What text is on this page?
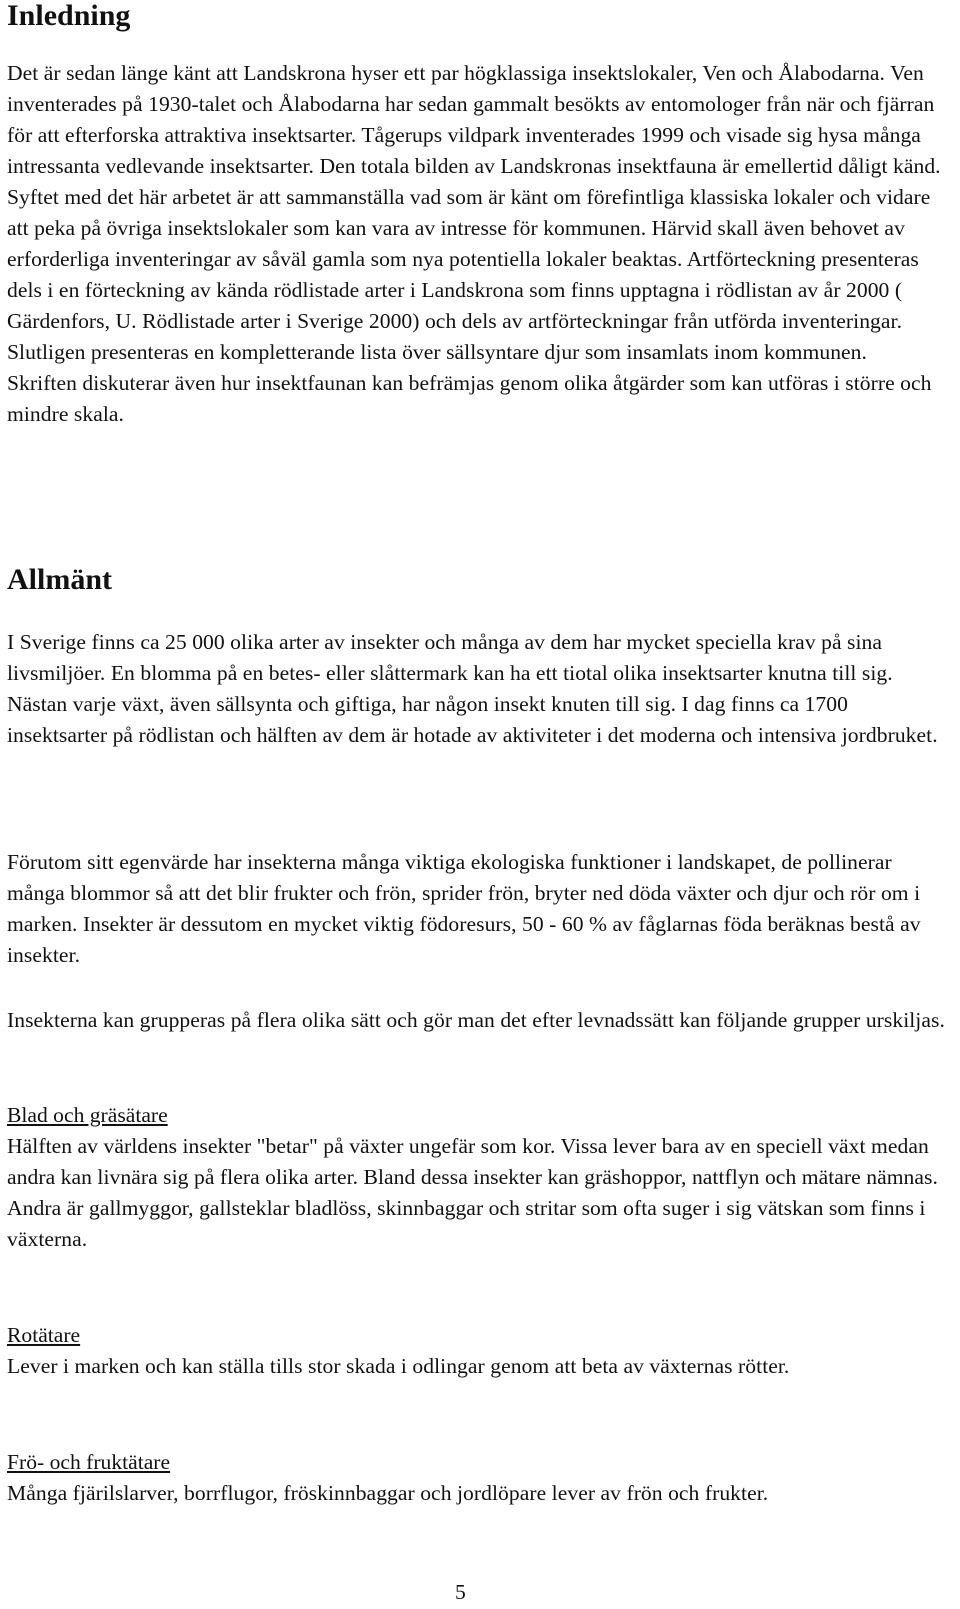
Inledning

Det är sedan länge känt att Landskrona hyser ett par högklassiga insektslokaler, Ven och Ålabodarna. Ven inventerades på 1930-talet och Ålabodarna har sedan gammalt besökts av entomologer från när och fjärran för att efterforska attraktiva insektsarter. Tågerups vildpark inventerades 1999 och visade sig hysa många intressanta vedlevande insektsarter. Den totala bilden av Landskronas insektfauna är emellertid dåligt känd. Syftet med det här arbetet är att sammanställa vad som är känt om förefintliga klassiska lokaler och vidare att peka på övriga insektslokaler som kan vara av intresse för kommunen. Härvid skall även behovet av erforderliga inventeringar av såväl gamla som nya potentiella lokaler beaktas. Artförteckning presenteras dels i en förteckning av kända rödlistade arter i Landskrona som finns upptagna i rödlistan av år 2000 ( Gärdenfors, U. Rödlistade arter i Sverige 2000) och dels av artförteckningar från utförda inventeringar. Slutligen presenteras en kompletterande lista över sällsyntare djur som insamlats inom kommunen.

Skriften diskuterar även hur insektfaunan kan befrämjas genom olika åtgärder som kan utföras i större och mindre skala.

Allmänt

I Sverige finns ca 25 000 olika arter av insekter och många av dem har mycket speciella krav på sina livsmiljöer. En blomma på en betes- eller slåttermark kan ha ett tiotal olika insektsarter knutna till sig. Nästan varje växt, även sällsynta och giftiga, har någon insekt knuten till sig. I dag finns ca 1700 insektsarter på rödlistan och hälften av dem är hotade av aktiviteter i det moderna och intensiva jordbruket.

Förutom sitt egenvärde har insekterna många viktiga ekologiska funktioner i landskapet, de pollinerar många blommor så att det blir frukter och frön, sprider frön, bryter ned döda växter och djur och rör om i marken. Insekter är dessutom en mycket viktig födoresurs, 50 - 60 % av fåglarnas föda beräknas bestå av insekter.

Insekterna kan grupperas på flera olika sätt och gör man det efter levnadssätt kan följande grupper urskiljas.

Blad och gräsätare

Hälften av världens insekter "betar" på växter ungefär som kor. Vissa lever bara av en speciell växt medan andra kan livnära sig på flera olika arter. Bland dessa insekter kan gräshoppor, nattflyn och mätare nämnas. Andra är gallmyggor, gallsteklar bladlöss, skinnbaggar och stritar som ofta suger i sig vätskan som finns i växterna.

Rotätare

Lever i marken och kan ställa tills stor skada i odlingar genom att beta av växternas rötter.

Frö- och fruktätare

Många fjärilslarver, borrflugor, fröskinnbaggar och jordlöpare lever av frön och frukter.

5
